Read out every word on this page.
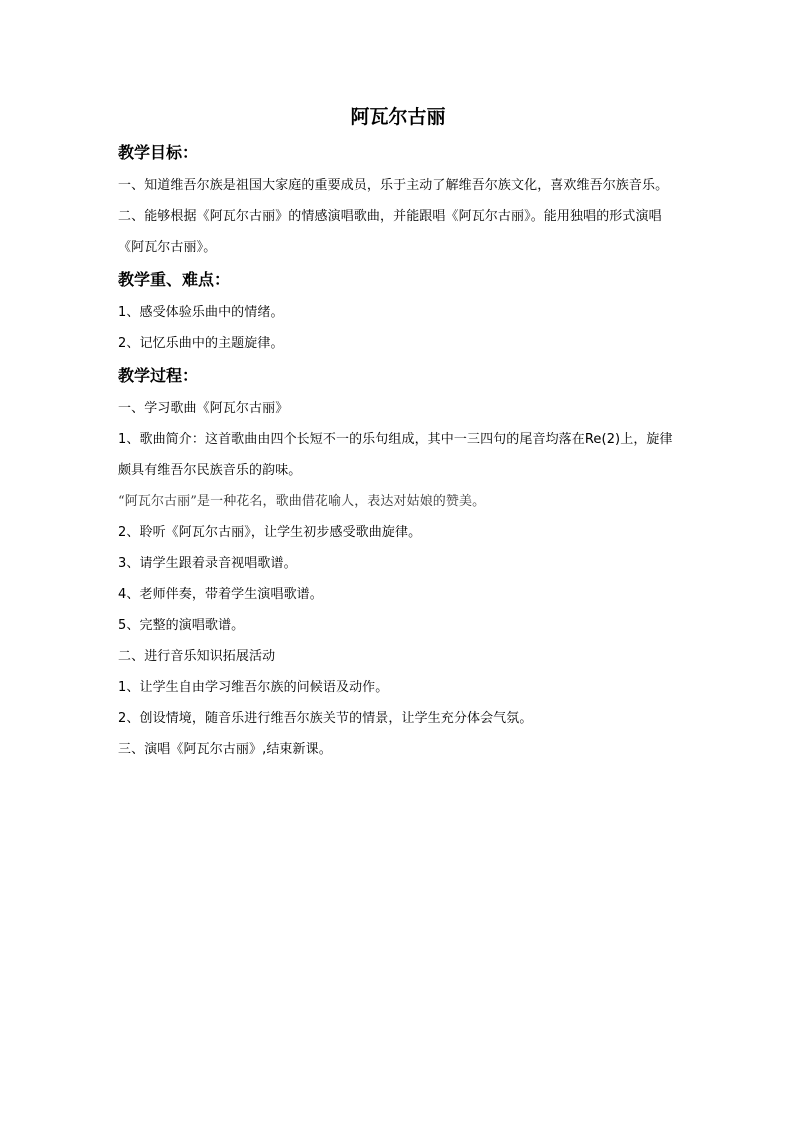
阿瓦尔古丽
教学目标：

一、知道维吾尔族是祖国大家庭的重要成员，乐于主动了解维吾尔族文化，喜欢维吾尔族音乐。

二、能够根据《阿瓦尔古丽》的情感演唱歌曲，并能跟唱《阿瓦尔古丽》。能用独唱的形式演唱《阿瓦尔古丽》。

教学重、难点：

1、感受体验乐曲中的情绪。

2、记忆乐曲中的主题旋律。

教学过程：

一、学习歌曲《阿瓦尔古丽》

1、歌曲简介：这首歌曲由四个长短不一的乐句组成，其中一三四句的尾音均落在Re(2)上，旋律颇具有维吾尔民族音乐的韵味。

“阿瓦尔古丽”是一种花名，歌曲借花喻人，表达对姑娘的赞美。

2、聆听《阿瓦尔古丽》，让学生初步感受歌曲旋律。

3、请学生跟着录音视唱歌谱。

4、老师伴奏，带着学生演唱歌谱。

5、完整的演唱歌谱。

二、进行音乐知识拓展活动

1、让学生自由学习维吾尔族的问候语及动作。

2、创设情境，随音乐进行维吾尔族关节的情景，让学生充分体会气氛。

三、演唱《阿瓦尔古丽》,结束新课。
